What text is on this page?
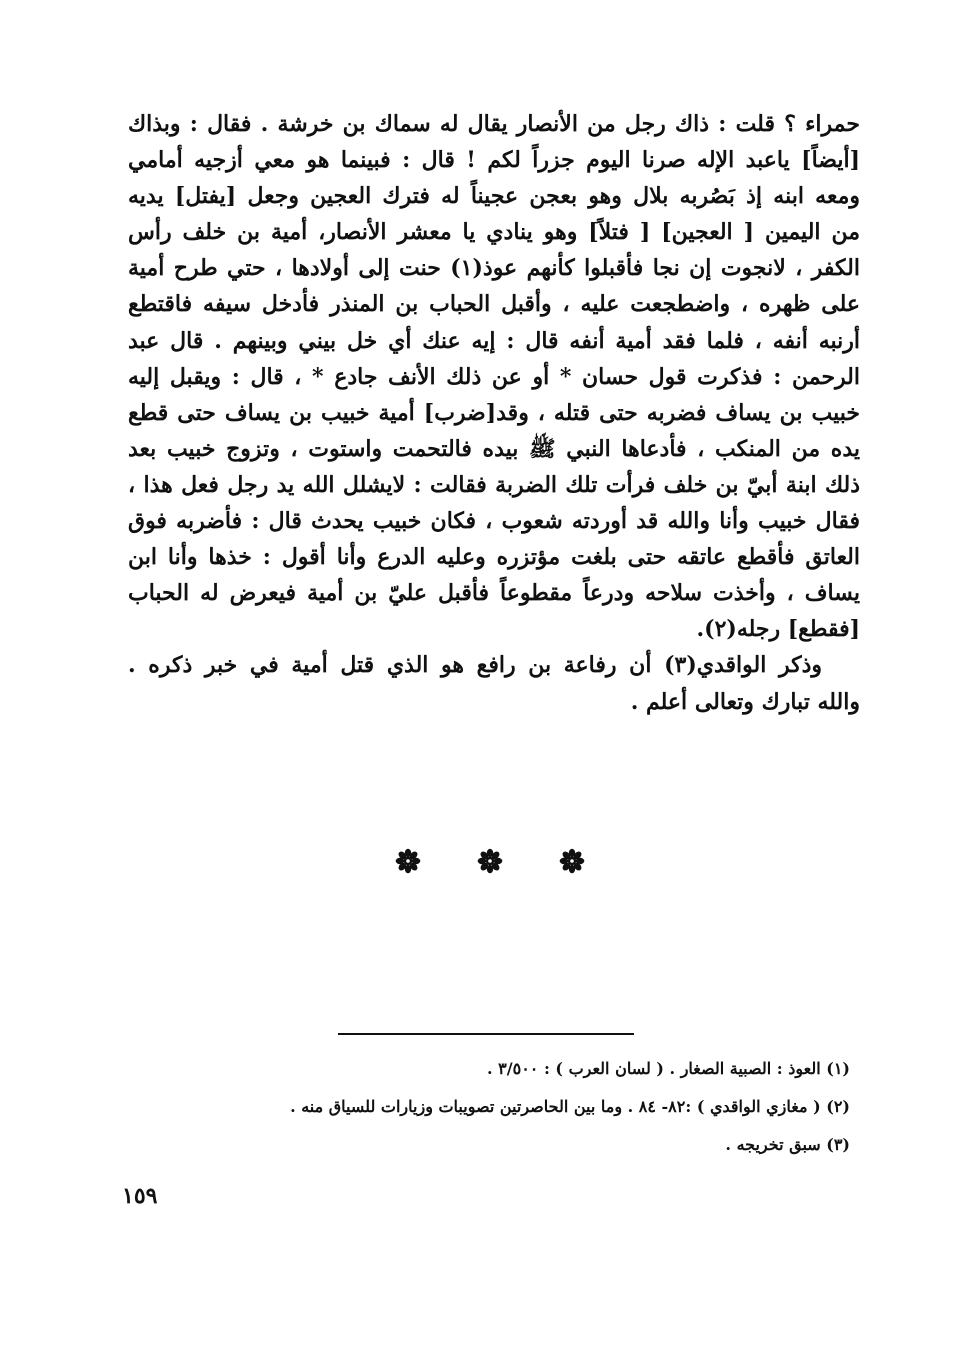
حمراء ؟ قلت : ذاك رجل من الأنصار يقال له سماك بن خرشة . فقال : وبذاك
[أيضاً] ياعبد الإله صرنا اليوم جزراً لكم ! قال : فبينما هو معي أزجيه أمامي
ومعه ابنه إذ بَصُربه بلال وهو بعجن عجيناً له فترك العجين وجعل [يفتل] يديه
من اليمين [ العجين] [ فتلاً] وهو ينادي يا معشر الأنصار، أمية بن خلف رأس
الكفر ، لانجوت إن نجا فأقبلوا كأنهم عوذ(١) حنت إلى أولادها ، حتي طرح أمية
على ظهره ، واضطجعت عليه ، وأقبل الحباب بن المنذر فأدخل سيفه فاقتطع
أرنبه أنفه ، فلما فقد أمية أنفه قال : إيه عنك أي خل بيني وبينهم . قال عبد
الرحمن : فذكرت قول حسان * أو عن ذلك الأنف جادع * ، قال : ويقبل إليه
خبيب بن يساف فضربه حتى قتله ، وقد[ضرب] أمية خبيب بن يساف حتى قطع
يده من المنكب ، فأدعاها النبي ﷺ بيده فالتحمت واستوت ، وتزوج خبيب بعد
ذلك ابنة أبيّ بن خلف فرأت تلك الضربة فقالت : لايشلل الله يد رجل فعل هذا ،
فقال خبيب وأنا والله قد أوردته شعوب ، فكان خبيب يحدث قال : فأضربه فوق
العاتق فأقطع عاتقه حتى بلغت مؤتزره وعليه الدرع وأنا أقول : خذها وأنا ابن
يساف ، وأخذت سلاحه ودرعاً مقطوعاً فأقبل عليّ بن أمية فيعرض له الحباب
[فقطع] رجله(٢).
وذكر الواقدي(٣) أن رفاعة بن رافع هو الذي قتل أمية في خبر ذكره .
والله تبارك وتعالى أعلم .
(١) العوذ : الصبية الصغار . ( لسان العرب ) : ٣/٥٠٠ .
(٢) ( مغازي الواقدي ) :٨٢- ٨٤ . وما بين الحاصرتين تصويبات وزيارات للسياق منه .
(٣) سبق تخريجه .
١٥٩
